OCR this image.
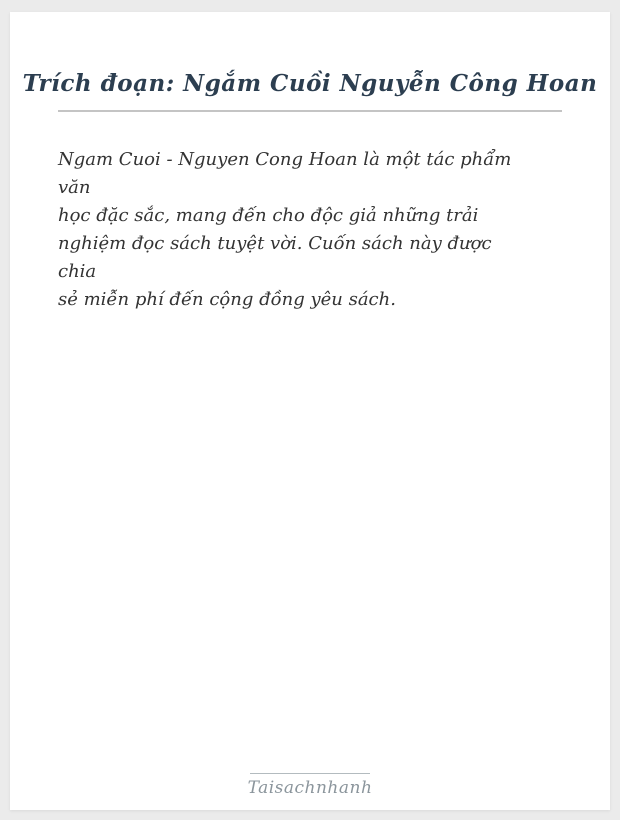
Trích đoạn: Ngắm Cuồi Nguyễn Công Hoan
Ngam Cuoi - Nguyen Cong Hoan là một tác phẩm
văn
học đặc sắc, mang đến cho độc giả những trải
nghiệm đọc sách tuyệt vời. Cuốn sách này được
chia
sẻ miễn phí đến cộng đồng yêu sách.
Taisachnhanh
